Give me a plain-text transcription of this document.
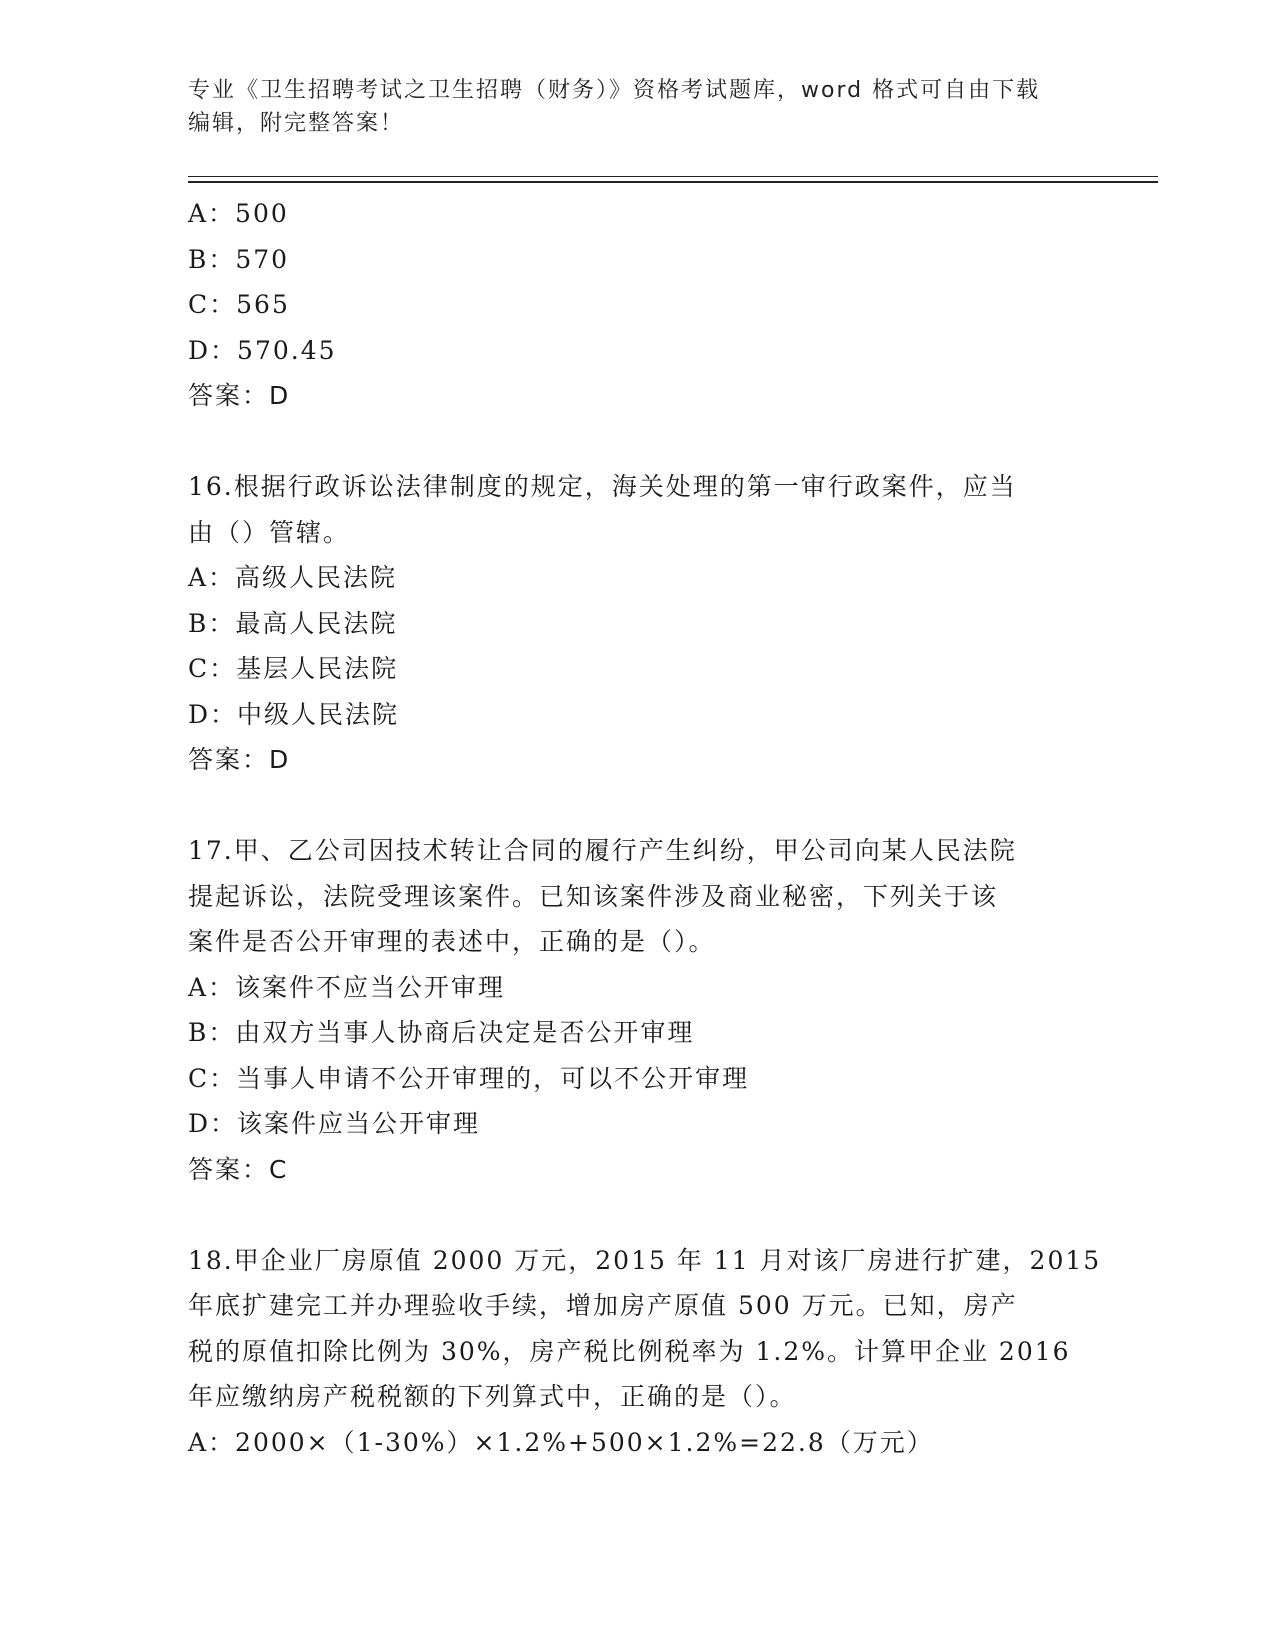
专业《卫生招聘考试之卫生招聘（财务）》资格考试题库，word 格式可自由下载
编辑，附完整答案！
A：500
B：570
C：565
D：570.45
答案：D
16.根据行政诉讼法律制度的规定，海关处理的第一审行政案件，应当
由（）管辖。
A：高级人民法院
B：最高人民法院
C：基层人民法院
D：中级人民法院
答案：D
17.甲、乙公司因技术转让合同的履行产生纠纷，甲公司向某人民法院
提起诉讼，法院受理该案件。已知该案件涉及商业秘密，下列关于该
案件是否公开审理的表述中，正确的是（）。
A：该案件不应当公开审理
B：由双方当事人协商后决定是否公开审理
C：当事人申请不公开审理的，可以不公开审理
D：该案件应当公开审理
答案：C
18.甲企业厂房原值 2000 万元，2015 年 11 月对该厂房进行扩建，2015
年底扩建完工并办理验收手续，增加房产原值 500 万元。已知，房产
税的原值扣除比例为 30%，房产税比例税率为 1.2%。计算甲企业 2016
年应缴纳房产税税额的下列算式中，正确的是（）。
A：2000×（1-30%）×1.2%+500×1.2%=22.8（万元）
